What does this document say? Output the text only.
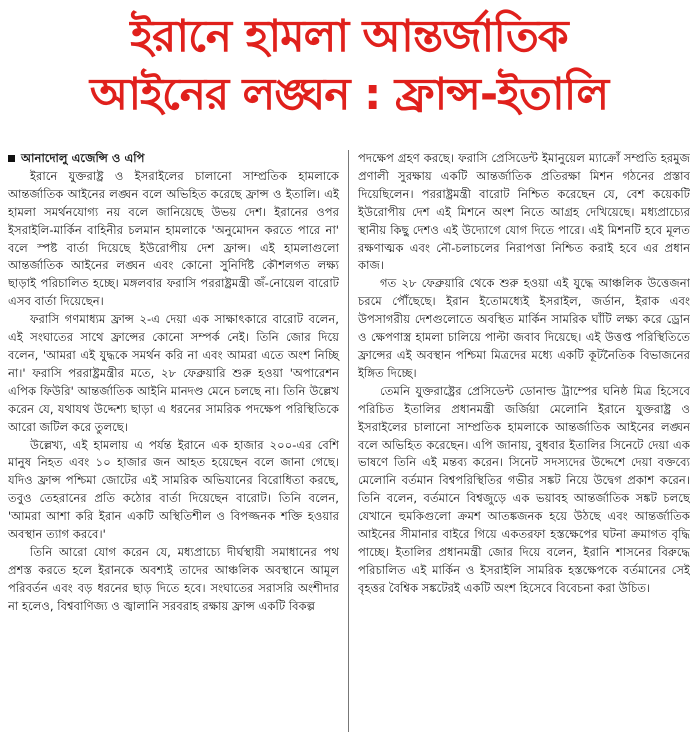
ইরানে হামলা আন্তর্জাতিক
আইনের লঙ্ঘন : ফ্রান্স-ইতালি
আনাদোলু এজেন্সি ও এপি

ইরানে যুক্তরাষ্ট্র ও ইসরাইলের চালানো সাম্প্রতিক হামলাকে আন্তর্জাতিক আইনের লঙ্ঘন বলে অভিহিত করেছে ফ্রান্স ও ইতালি। এই হামলা সমর্থনযোগ্য নয় বলে জানিয়েছে উভয় দেশ। ইরানের ওপর ইসরাইলি-মার্কিন বাহিনীর চলমান হামলাকে 'অনুমোদন করতে পারে না' বলে স্পষ্ট বার্তা দিয়েছে ইউরোপীয় দেশ ফ্রান্স। এই হামলাগুলো আন্তর্জাতিক আইনের লঙ্ঘন এবং কোনো সুনির্দিষ্ট কৌশলগত লক্ষ্য ছাড়াই পরিচালিত হচ্ছে। মঙ্গলবার ফরাসি পররাষ্ট্রমন্ত্রী জঁ-নোয়েল বারোট এসব বার্তা দিয়েছেন।

ফরাসি গণমাধ্যম ফ্রান্স ২-এ দেয়া এক সাক্ষাৎকারে বারোট বলেন, এই সংঘাতের সাথে ফ্রান্সের কোনো সম্পর্ক নেই। তিনি জোর দিয়ে বলেন, 'আমরা এই যুদ্ধকে সমর্থন করি না এবং আমরা এতে অংশ নিচ্ছি না।' ফরাসি পররাষ্ট্রমন্ত্রীর মতে, ২৮ ফেব্রুয়ারি শুরু হওয়া 'অপারেশন এপিক ফিউরি' আন্তর্জাতিক আইনি মানদণ্ড মেনে চলছে না। তিনি উল্লেখ করেন যে, যথাযথ উদ্দেশ্য ছাড়া এ ধরনের সামরিক পদক্ষেপ পরিস্থিতিকে আরো জটিল করে তুলছে।

উল্লেখ্য, এই হামলায় এ পর্যন্ত ইরানে এক হাজার ২০০-এর বেশি মানুষ নিহত এবং ১০ হাজার জন আহত হয়েছেন বলে জানা গেছে। যদিও ফ্রান্স পশ্চিমা জোটের এই সামরিক অভিযানের বিরোধিতা করছে, তবুও তেহরানের প্রতি কঠোর বার্তা দিয়েছেন বারোট। তিনি বলেন, 'আমরা আশা করি ইরান একটি অস্থিতিশীল ও বিপজ্জনক শক্তি হওয়ার অবস্থান ত্যাগ করবে।'

তিনি আরো যোগ করেন যে, মধ্যপ্রাচ্যে দীর্ঘস্থায়ী সমাধানের পথ প্রশস্ত করতে হলে ইরানকে অবশ্যই তাদের আঞ্চলিক অবস্থানে আমূল পরিবর্তন এবং বড় ধরনের ছাড় দিতে হবে। সংঘাতের সরাসরি অংশীদার না হলেও, বিশ্ববাণিজ্য ও জ্বালানি সরবরাহ রক্ষায় ফ্রান্স একটি বিকল্প

পদক্ষেপ গ্রহণ করছে। ফরাসি প্রেসিডেন্ট ইমানুয়েল ম্যাক্রোঁ সম্প্রতি হরমুজ প্রণালী সুরক্ষায় একটি আন্তর্জাতিক প্রতিরক্ষা মিশন গঠনের প্রস্তাব দিয়েছিলেন। পররাষ্ট্রমন্ত্রী বারোট নিশ্চিত করেছেন যে, বেশ কয়েকটি ইউরোপীয় দেশ এই মিশনে অংশ নিতে আগ্রহ দেখিয়েছে। মধ্যপ্রাচ্যের স্থানীয় কিছু দেশও এই উদ্যোগে যোগ দিতে পারে। এই মিশনটি হবে মূলত রক্ষণাত্মক এবং নৌ-চলাচলের নিরাপত্তা নিশ্চিত করাই হবে এর প্রধান কাজ।

গত ২৮ ফেব্রুয়ারি থেকে শুরু হওয়া এই যুদ্ধে আঞ্চলিক উত্তেজনা চরমে পৌঁছেছে। ইরান ইতোমধ্যেই ইসরাইল, জর্ডান, ইরাক এবং উপসাগরীয় দেশগুলোতে অবস্থিত মার্কিন সামরিক ঘাঁটি লক্ষ্য করে ড্রোন ও ক্ষেপণাস্ত্র হামলা চালিয়ে পাল্টা জবাব দিয়েছে। এই উত্তপ্ত পরিস্থিতিতে ফ্রান্সের এই অবস্থান পশ্চিমা মিত্রদের মধ্যে একটি কূটনৈতিক বিভাজনের ইঙ্গিত দিচ্ছে।

তেমনি যুক্তরাষ্ট্রের প্রেসিডেন্ট ডোনাল্ড ট্রাম্পের ঘনিষ্ঠ মিত্র হিসেবে পরিচিত ইতালির প্রধানমন্ত্রী জর্জিয়া মেলোনি ইরানে যুক্তরাষ্ট্র ও ইসরাইলের চালানো সাম্প্রতিক হামলাকে আন্তর্জাতিক আইনের লঙ্ঘন বলে অভিহিত করেছেন। এপি জানায়, বুধবার ইতালির সিনেটে দেয়া এক ভাষণে তিনি এই মন্তব্য করেন। সিনেট সদস্যদের উদ্দেশে দেয়া বক্তব্যে মেলোনি বর্তমান বিশ্বপরিস্থিতির গভীর সঙ্কট নিয়ে উদ্বেগ প্রকাশ করেন। তিনি বলেন, বর্তমানে বিশ্বজুড়ে এক ভয়াবহ আন্তর্জাতিক সঙ্কট চলছে যেখানে হুমকিগুলো ক্রমশ আতঙ্কজনক হয়ে উঠছে এবং আন্তর্জাতিক আইনের সীমানার বাইরে গিয়ে একতরফা হস্তক্ষেপের ঘটনা ক্রমাগত বৃদ্ধি পাচ্ছে। ইতালির প্রধানমন্ত্রী জোর দিয়ে বলেন, ইরানি শাসনের বিরুদ্ধে পরিচালিত এই মার্কিন ও ইসরাইলি সামরিক হস্তক্ষেপকে বর্তমানের সেই বৃহত্তর বৈশ্বিক সঙ্কটেরই একটি অংশ হিসেবে বিবেচনা করা উচিত।
